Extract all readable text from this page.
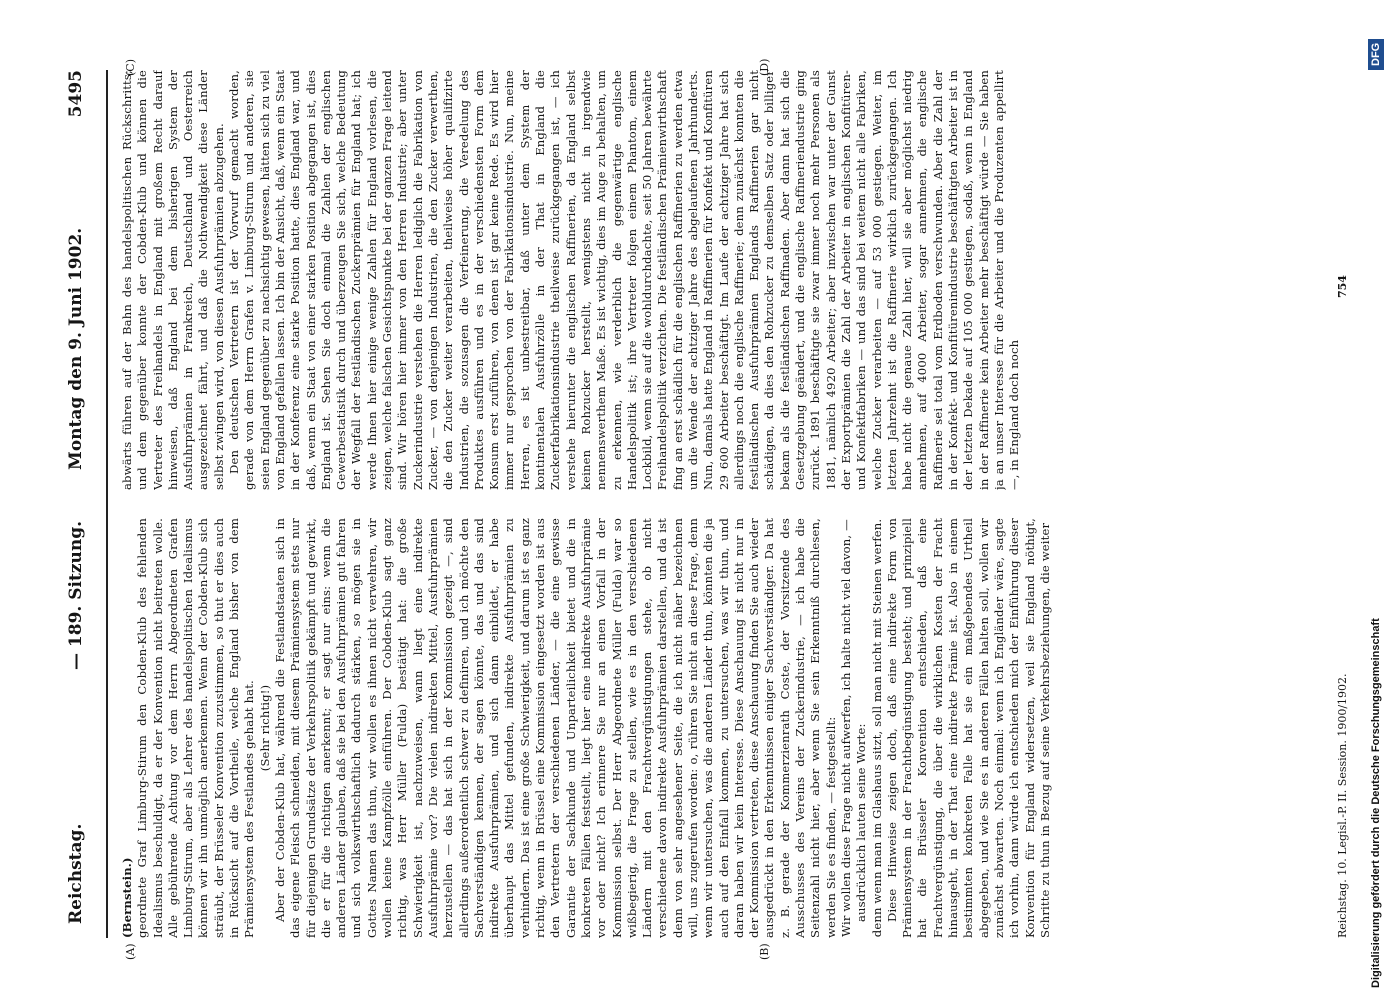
Reichstag.
— 189. Sitzung.
Montag den 9. Juni 1902.
5495
(A)	(B)
(C)	(D)

(Bernstein.) geordnete Graf Limburg-Stirum den Cobden-Klub des fehlenden Idealismus beschuldigt, da er der Konvention nicht beitreten wolle. Alle gebührende Achtung vor dem Herrn Abgeordneten Grafen Limburg-Stirum, aber als Lehrer des handelspolitischen Idealismus können wir ihn unmöglich anerkennen. Wenn der Cobden-Klub sich sträubt, der Brüsseler Konvention zuzustimmen, so thut er dies auch in Rücksicht auf die Vortheile, welche England bisher von dem Prämiensystem des Festlandes gehabt hat. (Sehr richtig!) Aber der Cobden-Klub hat, während die Festlandstaaten sich in das eigene Fleisch schneiden, mit diesem Prämiensystem stets nur für diejenigen Grundsätze der Verkehrspolitik gekämpft und gewirkt, die er für die richtigen anerkennt; er sagt nur eins: wenn die anderen Länder glauben, daß sie bei den Ausfuhrprämien gut fahren und sich volkswirthschaftlich dadurch stärken, so mögen sie in Gottes Namen das thun, wir wollen es ihnen nicht verwehren, wir wollen keine Kampfzölle einführen. Der Cobden-Klub sagt ganz richtig, was Herr Müller (Fulda) bestätigt hat: die große Schwierigkeit ist, nachzuweisen, wann liegt eine indirekte Ausfuhrprämie vor? Die vielen indirekten Mittel, Ausfuhrprämien herzustellen — das hat sich in der Kommission gezeigt —, sind allerdings außerordentlich schwer zu definiren, und ich möchte den Sachverständigen kennen, der sagen könnte, das und das sind indirekte Ausfuhrprämien, und sich dann einbildet, er habe überhaupt das Mittel gefunden, indirekte Ausfuhrprämien zu verhindern. Das ist eine große Schwierigkeit, und darum ist es ganz richtig, wenn in Brüssel eine Kommission eingesetzt worden ist aus den Vertretern der verschiedenen Länder, — die eine gewisse Garantie der Sachkunde und Unparteilichkeit bietet und die in konkreten Fällen feststellt, liegt hier eine indirekte Ausfuhrprämie vor oder nicht? Ich erinnere Sie nur an einen Vorfall in der Kommission selbst. Der Herr Abgeordnete Müller (Fulda) war so wißbegierig, die Frage zu stellen, wie es in den verschiedenen Ländern mit den Frachtvergünstigungen stehe, ob nicht verschiedene davon indirekte Ausfuhrprämien darstellen, und da ist denn von sehr angesehener Seite, die ich nicht näher bezeichnen will, uns zugerufen worden: o, rühren Sie nicht an diese Frage, denn wenn wir untersuchen, was die anderen Länder thun, könnten die ja auch auf den Einfall kommen, zu untersuchen, was wir thun, und daran haben wir kein Interesse. Diese Anschauung ist nicht nur in der Kommission vertreten, diese Anschauung finden Sie auch wieder ausgedrückt in den Erkenntnissen einiger Sachverständiger. Da hat z. B. gerade der Kommerzienrath Coste, der Vorsitzende des Ausschusses des Vereins der Zuckerindustrie, — ich habe die Seitenzahl nicht hier, aber wenn Sie sein Erkenntniß durchlesen, werden Sie es finden, — festgestellt: Wir wollen diese Frage nicht aufwerfen, ich halte nicht viel davon, — ausdrücklich lauten seine Worte: denn wenn man im Glashaus sitzt, soll man nicht mit Steinen werfen. Diese Hinweise zeigen doch, daß eine indirekte Form von Prämiensystem in der Frachtbegünstigung besteht; und prinzipiell hat die Brüsseler Konvention entschieden, daß eine Frachtvergünstigung, die über die wirklichen Kosten der Fracht hinausgeht, in der That eine indirekte Prämie ist. Also in einem bestimmten konkreten Falle hat sie ein maßgebendes Urtheil abgegeben, und wie Sie es in anderen Fällen halten soll, wollen wir zunächst abwarten. Noch einmal: wenn ich Engländer wäre, sagte ich vorhin, dann würde ich entschieden mich der Einführung dieser Konvention für England widersetzen, weil sie England nöthigt, Schritte zu thun in Bezug auf seine Verkehrsbeziehungen, die weiter

abwärts führen auf der Bahn des handelspolitischen Rückschritts; und dem gegenüber konnte der Cobden-Klub und können die Vertreter des Freihandels in England mit großem Recht darauf hinweisen, daß England bei dem bisherigen System der Ausfuhrprämien in Frankreich, Deutschland und Oesterreich ausgezeichnet fährt, und daß die Nothwendigkeit diese Länder selbst zwingen wird, von diesen Ausfuhrprämien abzugehen. Den deutschen Vertretern ist der Vorwurf gemacht worden, gerade von dem Herrn Grafen v. Limburg-Stirum und anderen, sie seien England gegenüber zu nachsichtig gewesen, hätten sich zu viel von England gefallen lassen. Ich bin der Ansicht, daß, wenn ein Staat in der Konferenz eine starke Position hatte, dies England war, und daß, wenn ein Staat von einer starken Position abgegangen ist, dies England ist. Sehen Sie doch einmal die Zahlen der englischen Gewerbestatistik durch und überzeugen Sie sich, welche Bedeutung der Wegfall der festländischen Zuckerprämien für England hat; ich werde Ihnen hier einige wenige Zahlen für England vorlesen, die zeigen, welche falschen Gesichtspunkte bei der ganzen Frage leitend sind. Wir hören hier immer von den Herren Industrie; aber unter Zuckerindustrie verstehen die Herren lediglich die Fabrikation von Zucker, — von denjenigen Industrien, die den Zucker verwerthen, die den Zucker weiter verarbeiten, theilweise höher qualifizirte Industrien, die sozusagen die Verfeinerung, die Veredelung des Produktes ausführen und es in der verschiedensten Form dem Konsum erst zuführen, von denen ist gar keine Rede. Es wird hier immer nur gesprochen von der Fabrikationsindustrie. Nun, meine Herren, es ist unbestreitbar, daß unter dem System der kontinentalen Ausfuhrzölle in der That in England die Zuckerfabrikationsindustrie theilweise zurückgegangen ist, — ich verstehe hierunter die englischen Raffinerien, da England selbst keinen Rohzucker herstellt, wenigstens nicht in irgendwie nennenswerthem Maße. Es ist wichtig, dies im Auge zu behalten, um zu erkennen, wie verderblich die gegenwärtige englische Handelspolitik ist; ihre Vertreter folgen einem Phantom, einem Lockbild, wenn sie auf die wohldurchdachte, seit 50 Jahren bewährte Freihandelspolitik verzichten. Die festländischen Prämienwirthschaft fing an erst schädlich für die englischen Raffinerien zu werden etwa um die Wende der achtziger Jahre des abgelaufenen Jahrhunderts. Nun, damals hatte England in Raffinerien für Konfekt und Konfitüren 29 600 Arbeiter beschäftigt. Im Laufe der achtziger Jahre hat sich allerdings noch die englische Raffinerie; denn zunächst konnten die festländischen Ausfuhrprämien Englands Raffinerien gar nicht schädigen, da dies den Rohzucker zu demselben Satz oder billiger bekam als die festländischen Raffinaden. Aber dann hat sich die Gesetzgebung geändert, und die englische Raffineriendustrie ging zurück. 1891 beschäftigte sie zwar immer noch mehr Personen als 1881, nämlich 4920 Arbeiter; aber inzwischen war unter der Gunst der Exportprämien die Zahl der Arbeiter in englischen Konfitüren- und Konfektfabriken — und das sind bei weitem nicht alle Fabriken, welche Zucker verarbeiten — auf 53 000 gestiegen. Weiter, im letzten Jahrzehnt ist die Raffinerie wirklich zurückgegangen. Ich habe nicht die genaue Zahl hier, will sie aber möglichst niedrig annehmen, auf 4000 Arbeiter, sogar annehmen, die englische Raffinerie sei total vom Erdboden verschwunden. Aber die Zahl der in der Konfekt- und Konfitürenindustrie beschäftigten Arbeiter ist in der letzten Dekade auf 105 000 gestiegen, sodaß, wenn in England in der Raffinerie kein Arbeiter mehr beschäftigt würde — Sie haben ja an unser Interesse für die Arbeiter und die Produzenten appellirt —, in England doch noch

Reichstag. 10. Legisl.-P. II. Session. 1900/1902.
754
Digitalisierung gefördert durch die Deutsche Forschungsgemeinschaft
DFG
